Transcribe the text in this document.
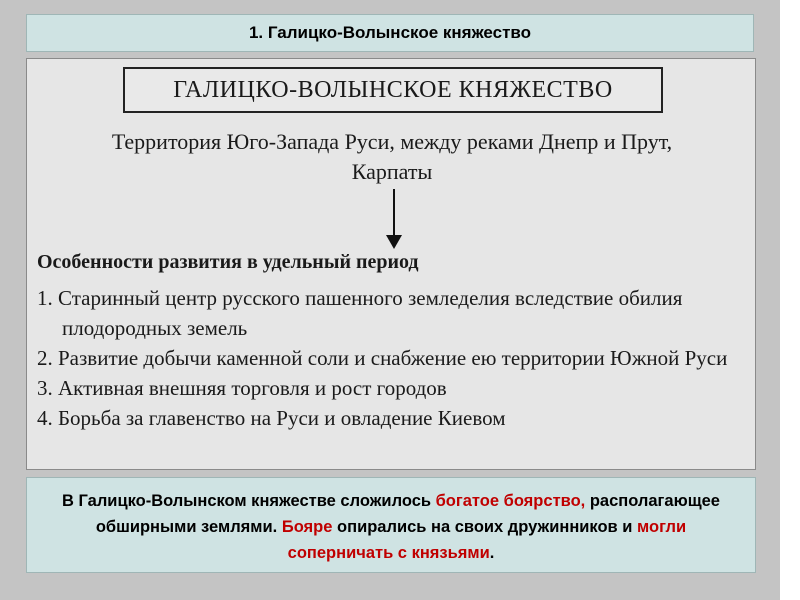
1. Галицко-Волынское княжество
ГАЛИЦКО-ВОЛЫНСКОЕ КНЯЖЕСТВО
Территория Юго-Запада Руси, между реками Днепр и Прут,
Карпаты
Особенности развития в удельный период
1. Старинный центр русского пашенного земледелия вследствие обилия плодородных земель
2. Развитие добычи каменной соли и снабжение ею территории Южной Руси
3. Активная внешняя торговля и рост городов
4. Борьба за главенство на Руси и овладение Киевом
В Галицко-Волынском княжестве сложилось богатое боярство, располагающее обширными землями. Бояре опирались на своих дружинников и могли соперничать с князьями.
